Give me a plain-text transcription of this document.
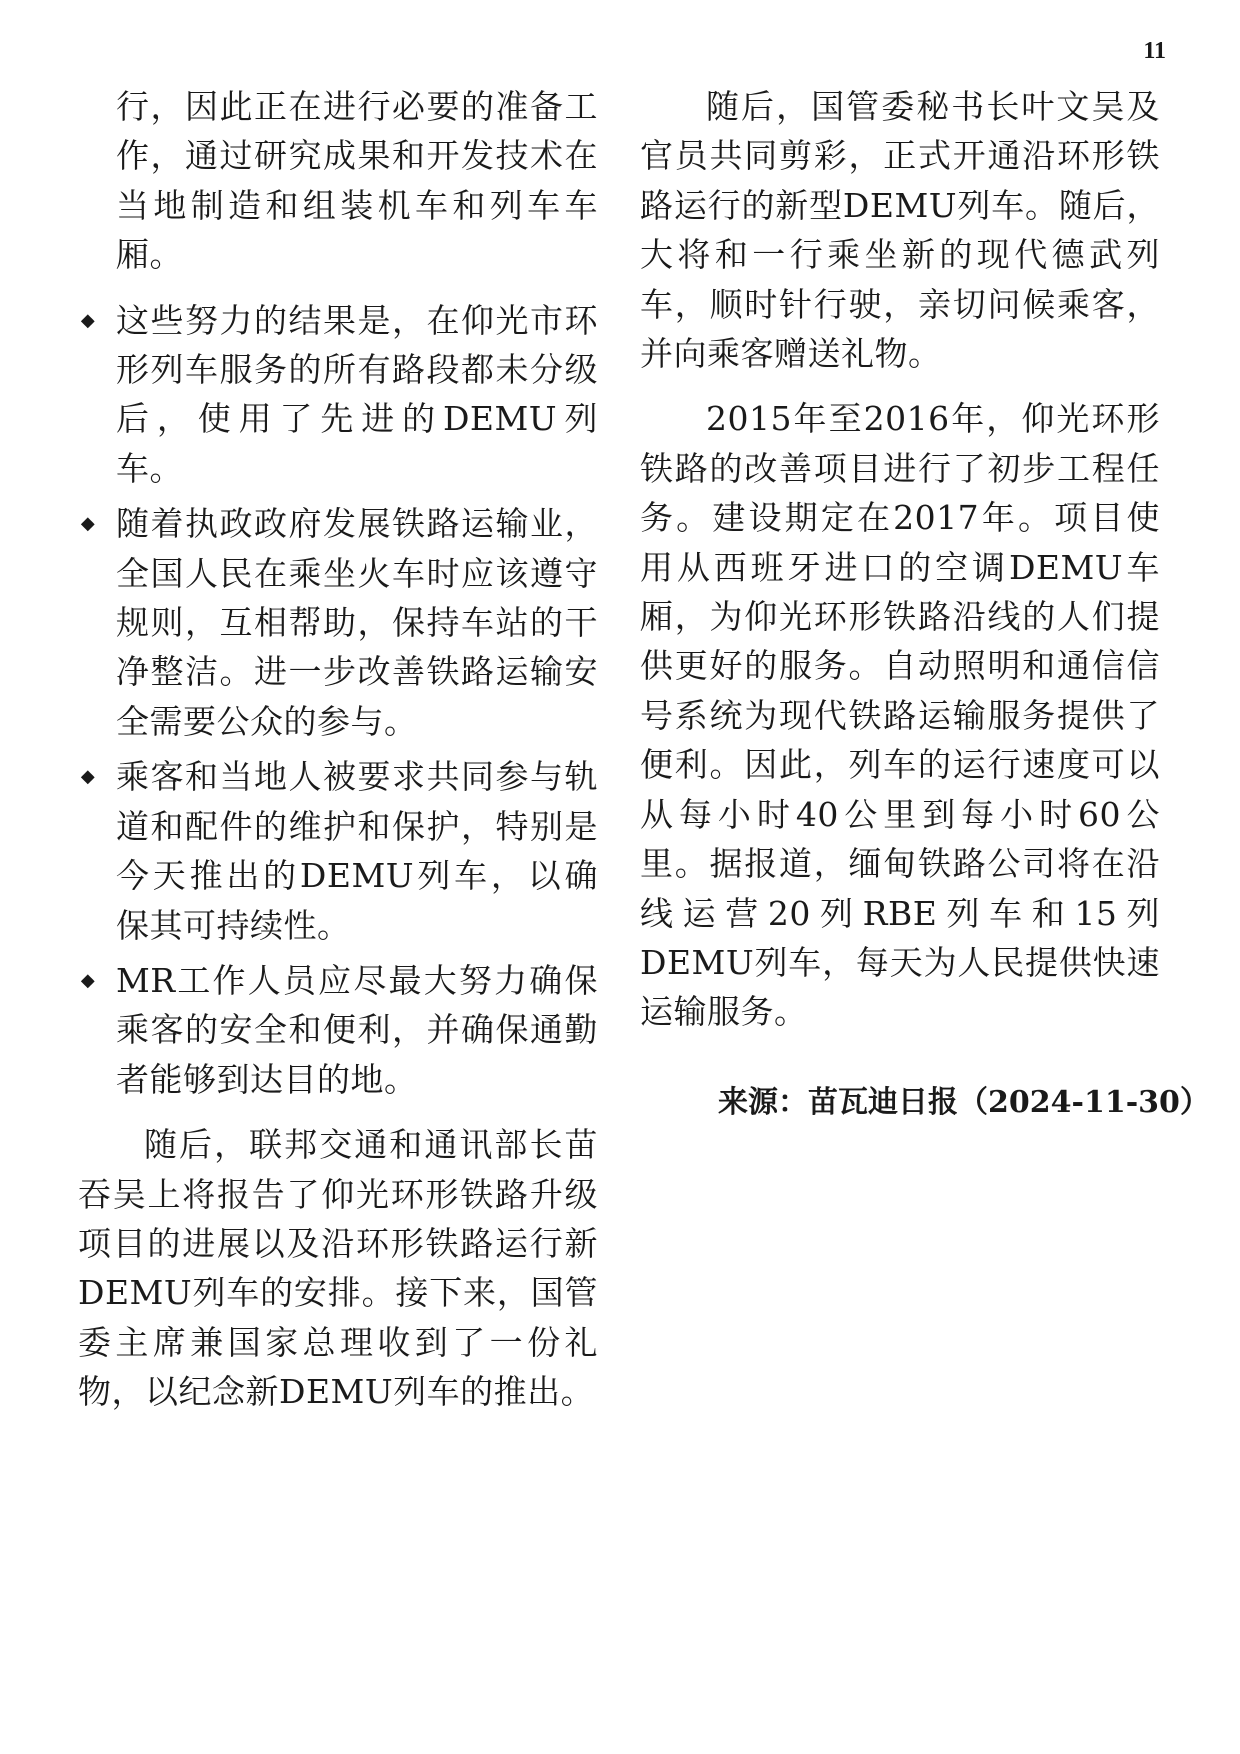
11

行，因此正在进行必要的准备工作，通过研究成果和开发技术在当地制造和组装机车和列车车厢。

◆ 这些努力的结果是，在仰光市环形列车服务的所有路段都未分级后，使用了先进的DEMU列车。
◆ 随着执政政府发展铁路运输业，全国人民在乘坐火车时应该遵守规则，互相帮助，保持车站的干净整洁。进一步改善铁路运输安全需要公众的参与。
◆ 乘客和当地人被要求共同参与轨道和配件的维护和保护，特别是今天推出的DEMU列车，以确保其可持续性。
◆ MR工作人员应尽最大努力确保乘客的安全和便利，并确保通勤者能够到达目的地。

随后，联邦交通和通讯部长苗吞吴上将报告了仰光环形铁路升级项目的进展以及沿环形铁路运行新DEMU列车的安排。接下来，国管委主席兼国家总理收到了一份礼物，以纪念新DEMU列车的推出。

随后，国管委秘书长叶文吴及官员共同剪彩，正式开通沿环形铁路运行的新型DEMU列车。随后，大将和一行乘坐新的现代德武列车，顺时针行驶，亲切问候乘客，并向乘客赠送礼物。

2015年至2016年，仰光环形铁路的改善项目进行了初步工程任务。建设期定在2017年。项目使用从西班牙进口的空调DEMU车厢，为仰光环形铁路沿线的人们提供更好的服务。自动照明和通信信号系统为现代铁路运输服务提供了便利。因此，列车的运行速度可以从每小时40公里到每小时60公里。据报道，缅甸铁路公司将在沿线运营20列RBE列车和15列DEMU列车，每天为人民提供快速运输服务。

来源：苗瓦迪日报（2024-11-30）
